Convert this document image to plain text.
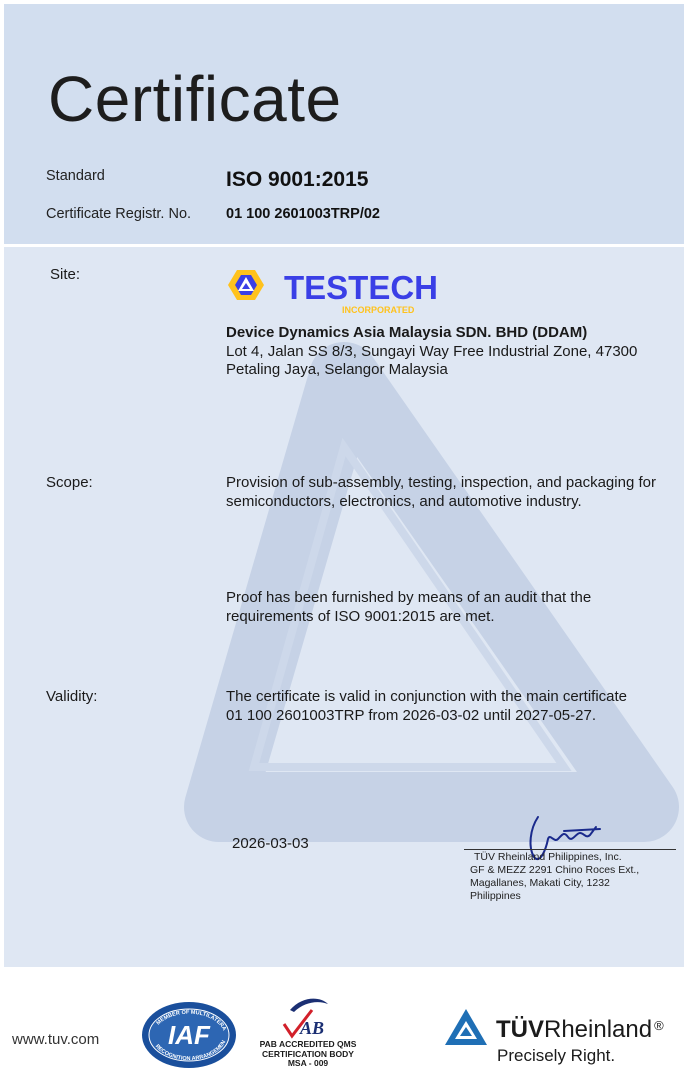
Certificate
Standard	ISO 9001:2015
Certificate Registr. No. 01 100 2601003TRP/02
Site:	TESTECH
INCORPORATED
Device Dynamics Asia Malaysia SDN. BHD (DDAM)
Lot 4, Jalan SS 8/3, Sungayi Way Free Industrial Zone, 47300
Petaling Jaya, Selangor Malaysia
Scope:	Provision of sub-assembly, testing, inspection, and packaging for
semiconductors, electronics, and automotive industry.
Proof has been furnished by means of an audit that the
requirements of ISO 9001:2015 are met.
Validity:	The certificate is valid in conjunction with the main certificate
01 100 2601003TRP from 2026-03-02 until 2027-05-27.
2026-03-03
TÜV Rheinland Philippines, Inc.
GF & MEZZ 2291 Chino Roces Ext.,
Magallanes, Makati City, 1232
Philippines
www.tuv.com
MEMBER OF MULTILATERA
RECOGNITION ARRANGEMEN
IAF	AB
PAB ACCREDITED QMS
CERTIFICATION BODY
MSA - 009
TÜVRheinland ®
Precisely Right.
